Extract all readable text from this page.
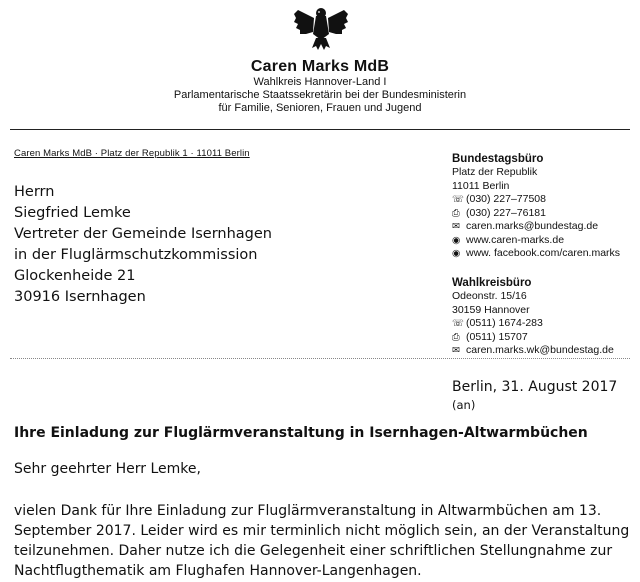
Caren Marks MdB
Wahlkreis Hannover-Land I
Parlamentarische Staatssekretärin bei der Bundesministerin
für Familie, Senioren, Frauen und Jugend
Caren Marks MdB · Platz der Republik 1 · 11011 Berlin
Herrn
Siegfried Lemke
Vertreter der Gemeinde Isernhagen
in der Fluglärmschutzkommission
Glockenheide 21
30916 Isernhagen
Bundestagsbüro
Platz der Republik
11011 Berlin
☏ (030) 227–77508
⎙ (030) 227–76181
✉ caren.marks@bundestag.de
◉ www.caren-marks.de
◉ www. facebook.com/caren.marks
Wahlkreisbüro
Odeonstr. 15/16
30159 Hannover
☏ (0511) 1674-283
⎙ (0511) 15707
✉ caren.marks.wk@bundestag.de
Berlin, 31. August 2017
(an)
Ihre Einladung zur Fluglärmveranstaltung in Isernhagen-Altwarmbüchen
Sehr geehrter Herr Lemke,
vielen Dank für Ihre Einladung zur Fluglärmveranstaltung in Altwarmbüchen am 13.
September 2017. Leider wird es mir terminlich nicht möglich sein, an der Veranstaltung
teilzunehmen. Daher nutze ich die Gelegenheit einer schriftlichen Stellungnahme zur
Nachtflugthematik am Flughafen Hannover-Langenhagen.
